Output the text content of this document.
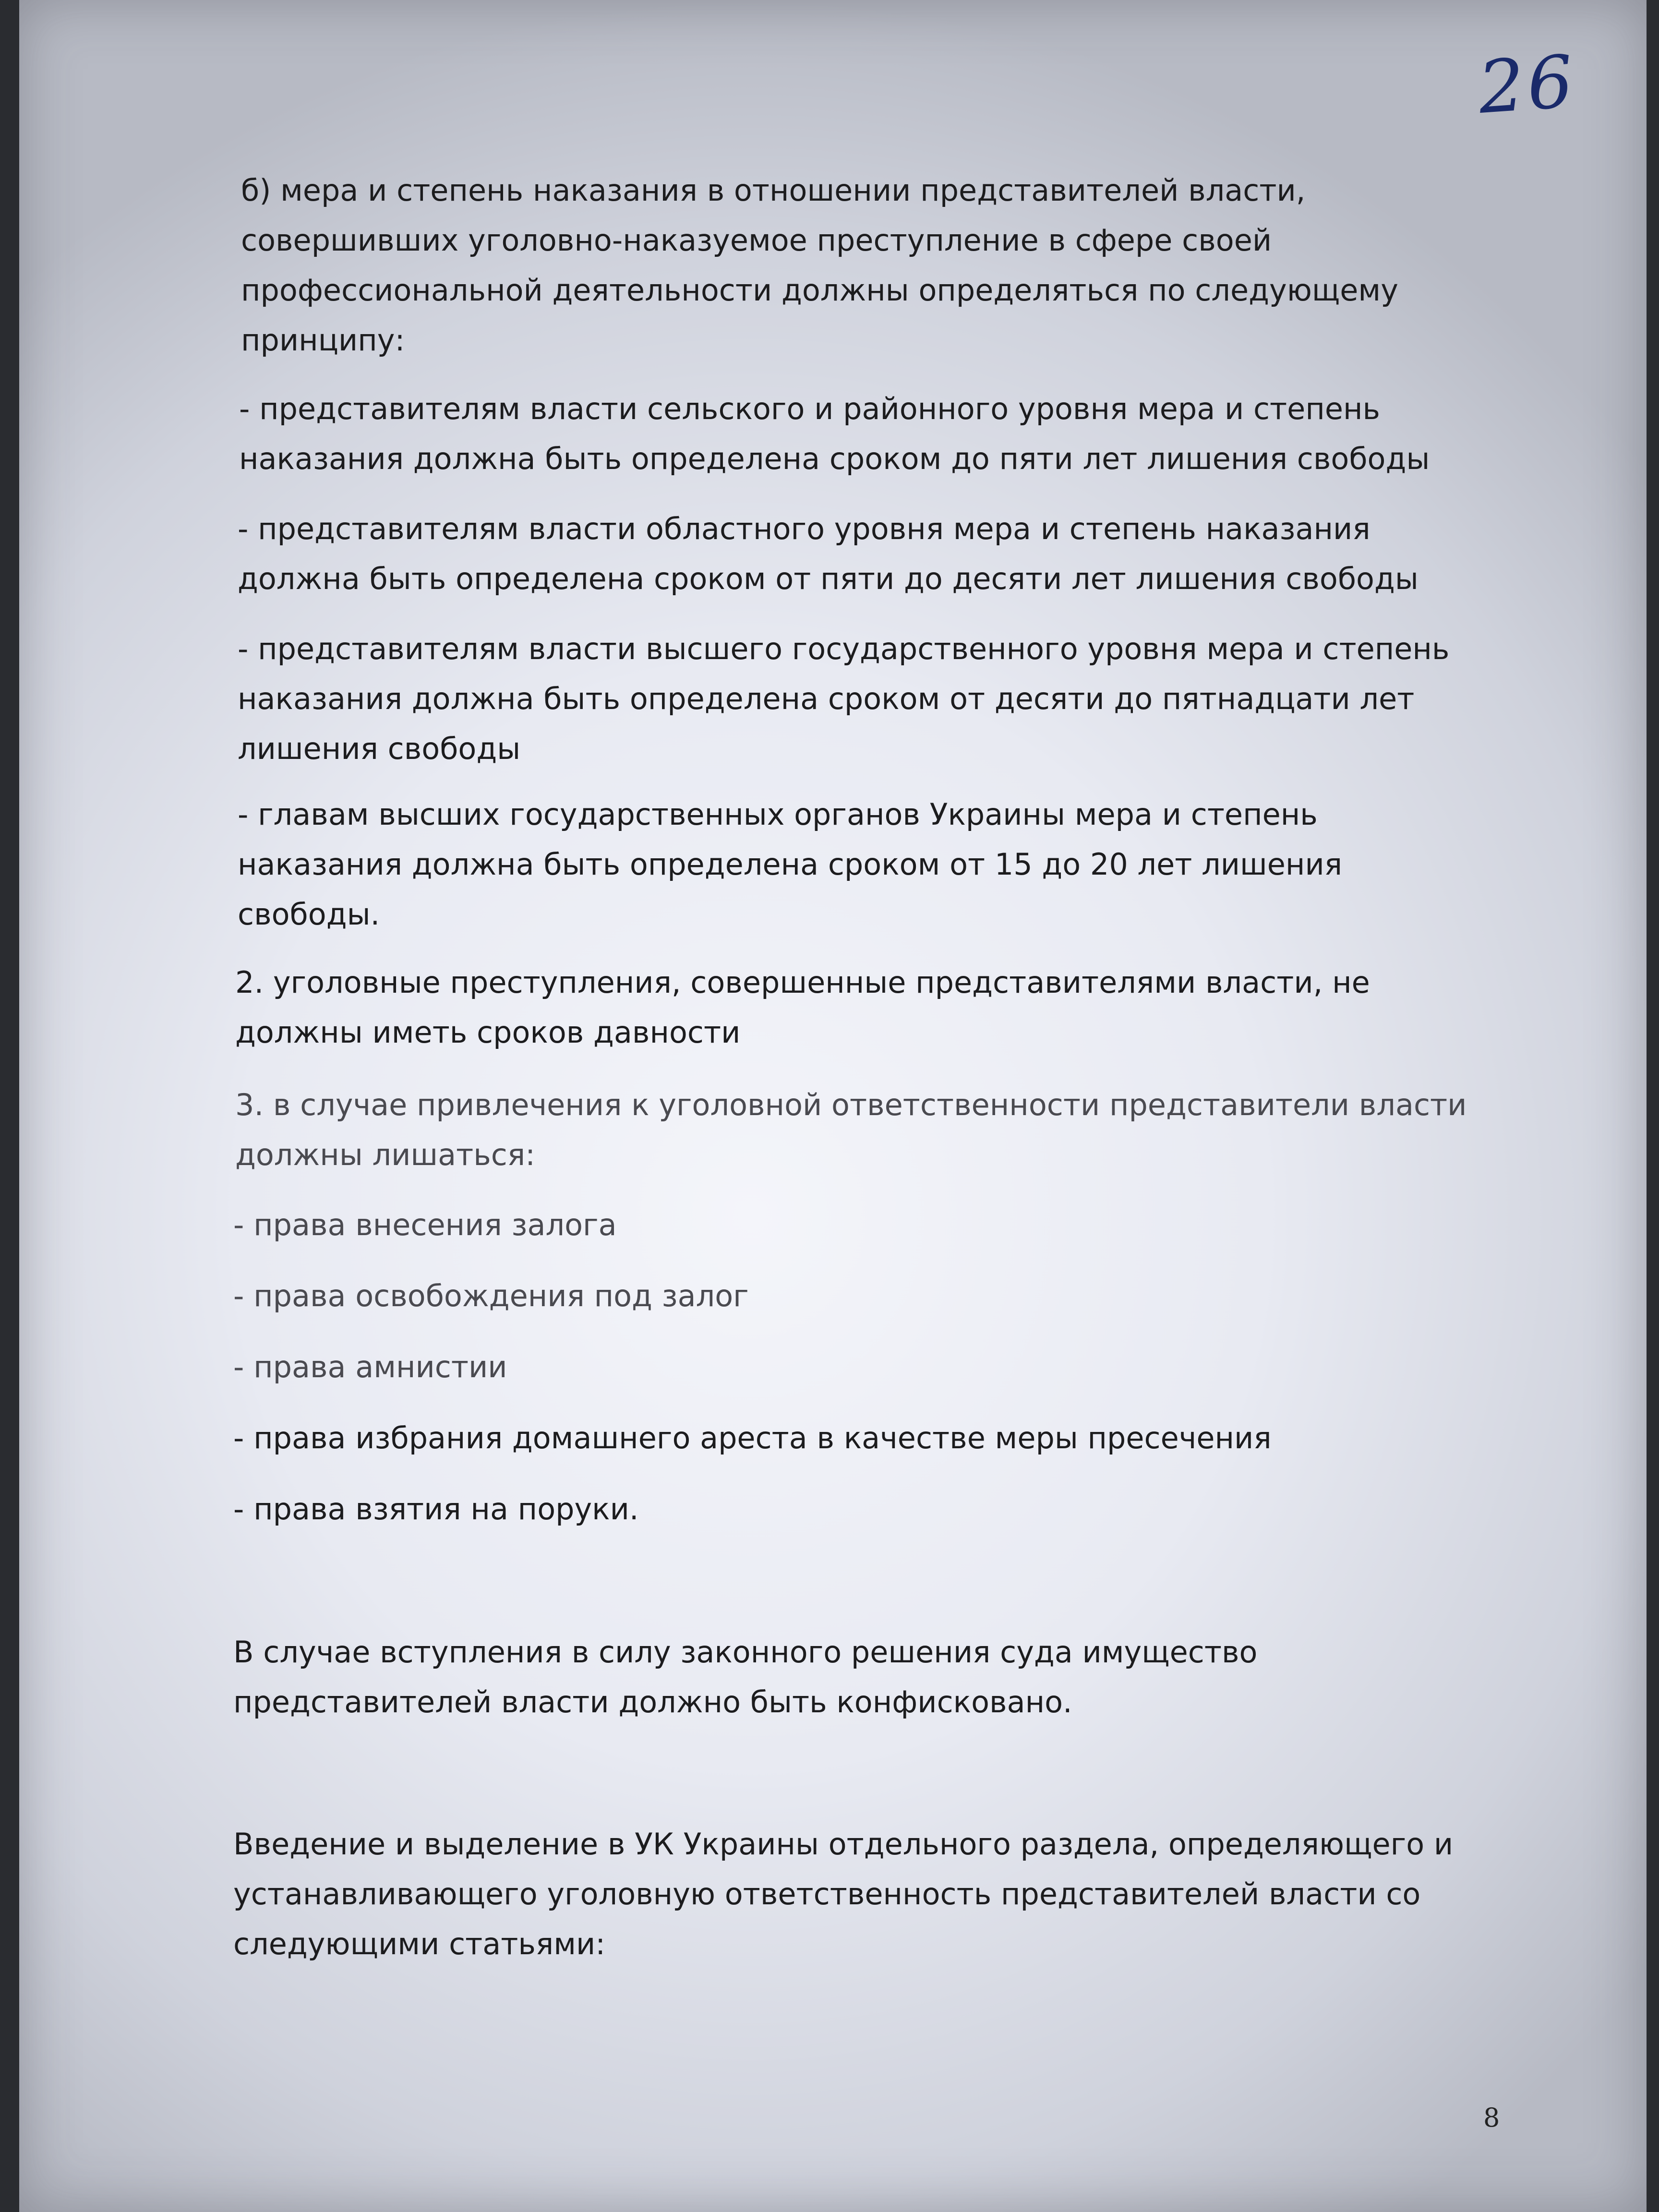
26

б) мера и степень наказания в отношении представителей власти,
совершивших уголовно-наказуемое преступление в сфере своей
профессиональной деятельности должны определяться по следующему
принципу:

- представителям власти сельского и районного уровня мера и степень
наказания должна быть определена сроком до пяти лет лишения свободы

- представителям власти областного уровня мера и степень наказания
должна быть определена сроком от пяти до десяти лет лишения свободы

- представителям власти высшего государственного уровня мера и степень
наказания должна быть определена сроком от десяти до пятнадцати лет
лишения свободы

- главам высших государственных органов Украины мера и степень
наказания должна быть определена сроком от 15 до 20 лет лишения
свободы.

2. уголовные преступления, совершенные представителями власти, не
должны иметь сроков давности

3. в случае привлечения к уголовной ответственности представители власти
должны лишаться:

- права внесения залога

- права освобождения под залог

- права амнистии

- права избрания домашнего ареста в качестве меры пресечения

- права взятия на поруки.

В случае вступления в силу законного решения суда имущество
представителей власти должно быть конфисковано.

Введение и выделение в УК Украины отдельного раздела, определяющего и
устанавливающего уголовную ответственность представителей власти со
следующими статьями:

8
